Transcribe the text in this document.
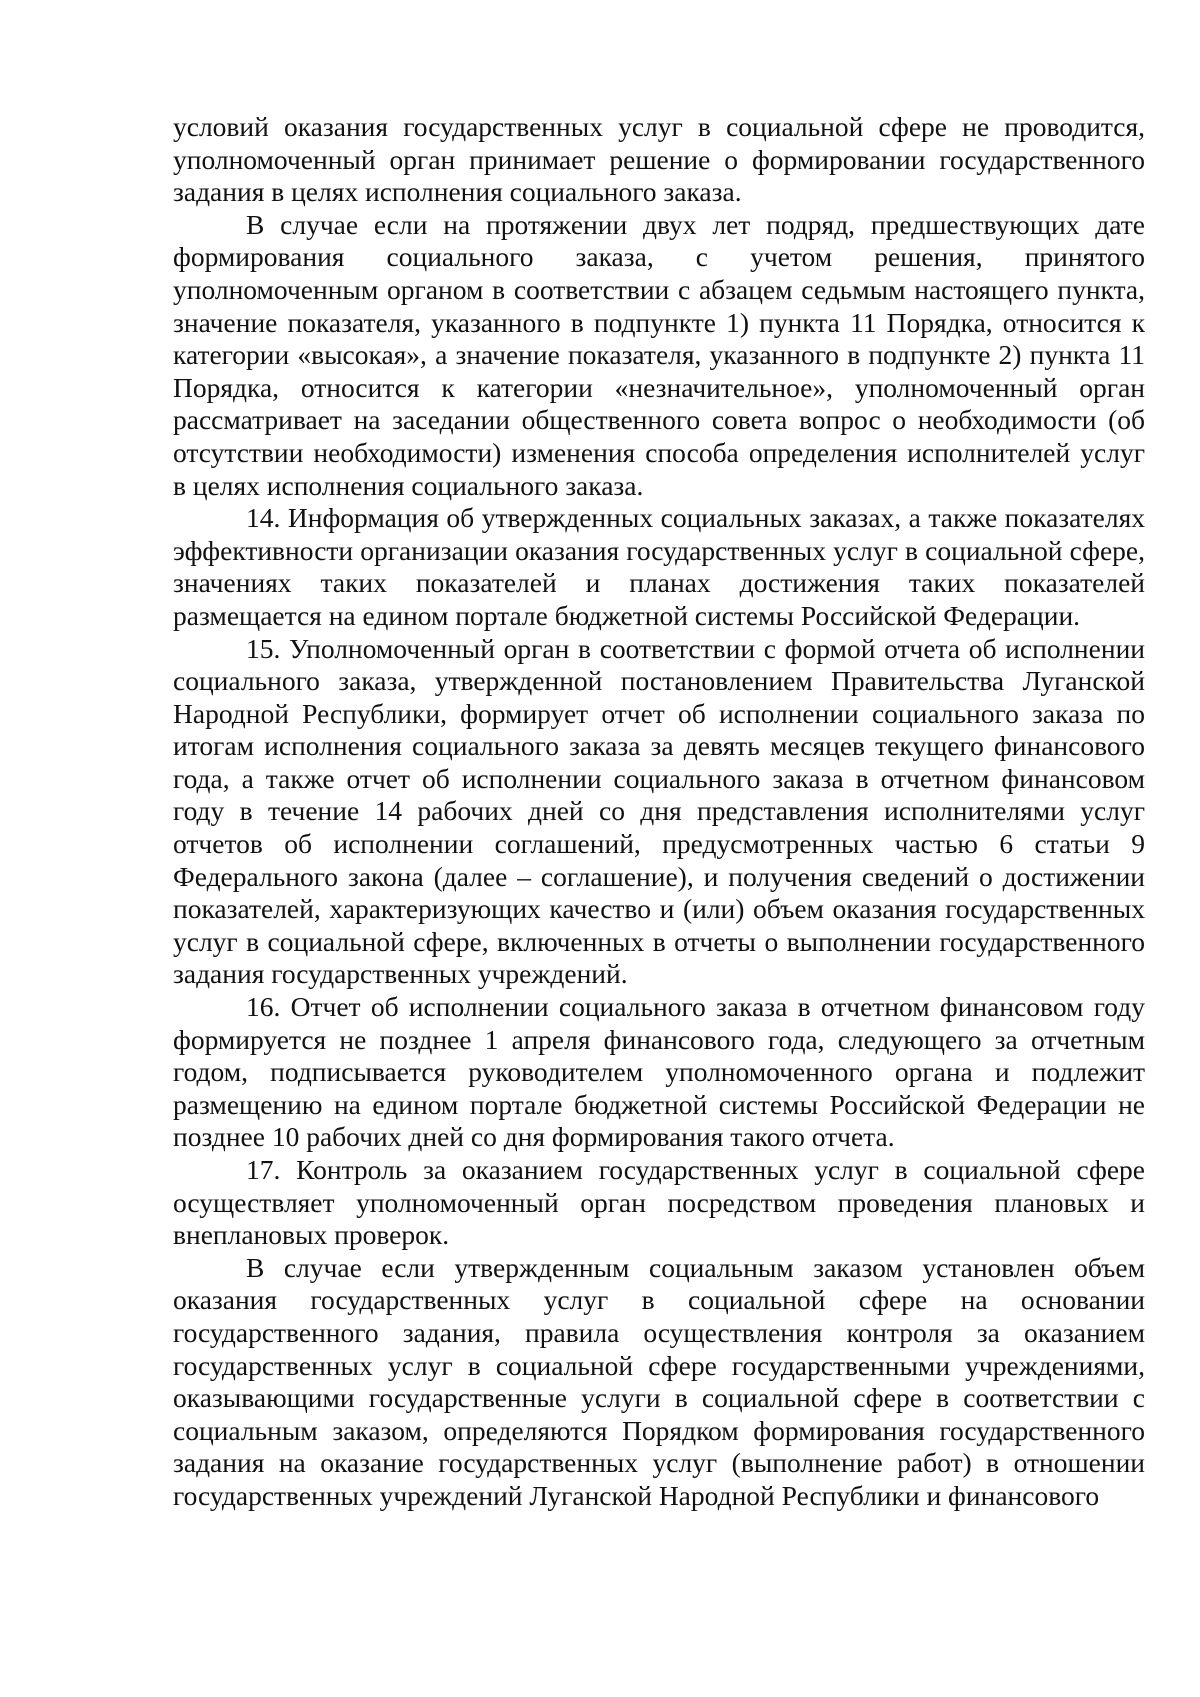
условий оказания государственных услуг в социальной сфере не проводится, уполномоченный орган принимает решение о формировании государственного задания в целях исполнения социального заказа.

В случае если на протяжении двух лет подряд, предшествующих дате формирования социального заказа, с учетом решения, принятого уполномоченным органом в соответствии с абзацем седьмым настоящего пункта, значение показателя, указанного в подпункте 1) пункта 11 Порядка, относится к категории «высокая», а значение показателя, указанного в подпункте 2) пункта 11 Порядка, относится к категории «незначительное», уполномоченный орган рассматривает на заседании общественного совета вопрос о необходимости (об отсутствии необходимости) изменения способа определения исполнителей услуг в целях исполнения социального заказа.

14. Информация об утвержденных социальных заказах, а также показателях эффективности организации оказания государственных услуг в социальной сфере, значениях таких показателей и планах достижения таких показателей размещается на едином портале бюджетной системы Российской Федерации.

15. Уполномоченный орган в соответствии с формой отчета об исполнении социального заказа, утвержденной постановлением Правительства Луганской Народной Республики, формирует отчет об исполнении социального заказа по итогам исполнения социального заказа за девять месяцев текущего финансового года, а также отчет об исполнении социального заказа в отчетном финансовом году в течение 14 рабочих дней со дня представления исполнителями услуг отчетов об исполнении соглашений, предусмотренных частью 6 статьи 9 Федерального закона (далее – соглашение), и получения сведений о достижении показателей, характеризующих качество и (или) объем оказания государственных услуг в социальной сфере, включенных в отчеты о выполнении государственного задания государственных учреждений.

16. Отчет об исполнении социального заказа в отчетном финансовом году формируется не позднее 1 апреля финансового года, следующего за отчетным годом, подписывается руководителем уполномоченного органа и подлежит размещению на едином портале бюджетной системы Российской Федерации не позднее 10 рабочих дней со дня формирования такого отчета.

17. Контроль за оказанием государственных услуг в социальной сфере осуществляет уполномоченный орган посредством проведения плановых и внеплановых проверок.

В случае если утвержденным социальным заказом установлен объем оказания государственных услуг в социальной сфере на основании государственного задания, правила осуществления контроля за оказанием государственных услуг в социальной сфере государственными учреждениями, оказывающими государственные услуги в социальной сфере в соответствии с социальным заказом, определяются Порядком формирования государственного задания на оказание государственных услуг (выполнение работ) в отношении государственных учреждений Луганской Народной Республики и финансового
